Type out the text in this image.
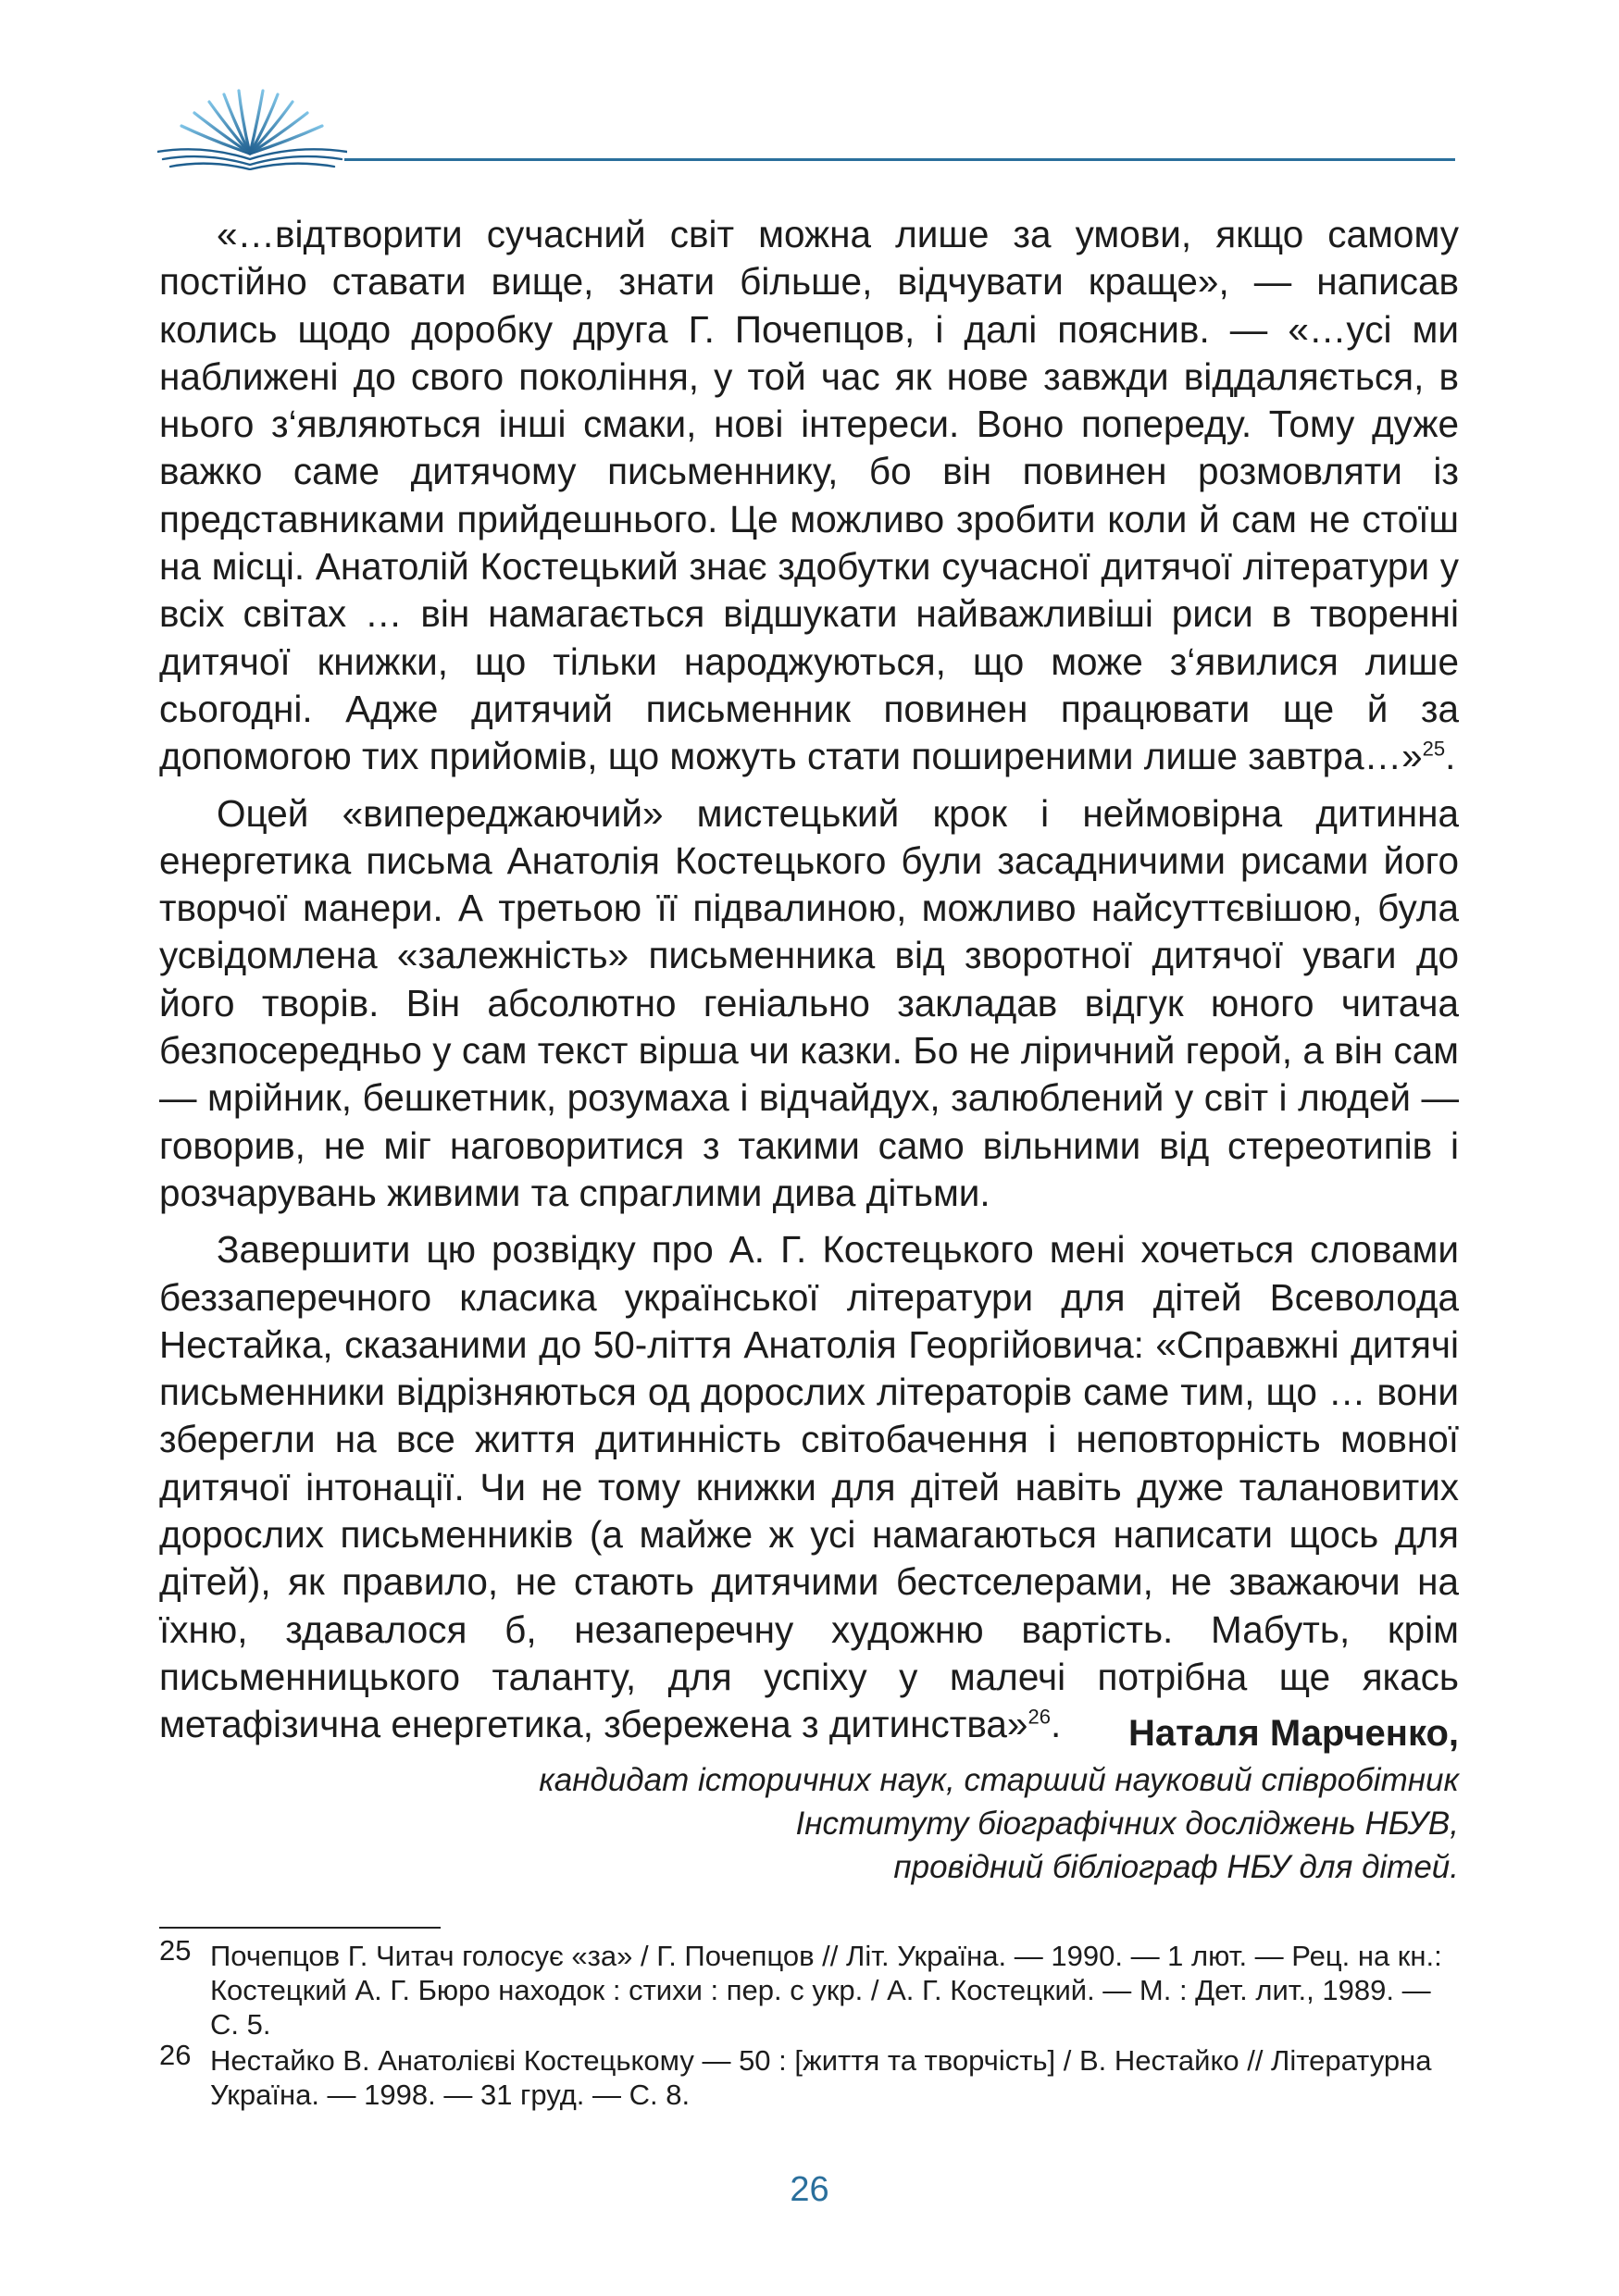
«…відтворити сучасний світ можна лише за умови, якщо самому постійно ставати вище, знати більше, відчувати краще», — написав колись щодо доробку друга Г. Почепцов, і далі пояснив. — «…усі ми наближені до свого покоління, у той час як нове завжди віддаляється, в нього з‘являються інші смаки, нові інтереси. Воно попереду. Тому дуже важко саме дитячому письменнику, бо він повинен розмовляти із представниками прийдешнього. Це можливо зробити коли й сам не стоїш на місці. Анатолій Костецький знає здобутки сучасної дитячої літератури у всіх світах … він намагається відшукати найважливіші риси в творенні дитячої книжки, що тільки народжуються, що може з‘явилися лише сьогодні. Адже дитячий письменник повинен працювати ще й за допомогою тих прийомів, що можуть стати поширеними лише завтра…»$^{25}$.

Оцей «випереджаючий» мистецький крок і неймовірна дитинна енергетика письма Анатолія Костецького були засадничими рисами його творчої манери. А третьою її підвалиною, можливо найсуттєвішою, була усвідомлена «залежність» письменника від зворотної дитячої уваги до його творів. Він абсолютно геніально закладав відгук юного читача безпосередньо у сам текст вірша чи казки. Бо не ліричний герой, а він сам — мрійник, бешкетник, розумаха і відчайдух, залюблений у світ і людей — говорив, не міг наговоритися з такими само вільними від стереотипів і розчарувань живими та спраглими дива дітьми.

Завершити цю розвідку про А. Г. Костецького мені хочеться словами беззаперечного класика української літератури для дітей Всеволода Нестайка, сказаними до 50-ліття Анатолія Георгійовича: «Справжні дитячі письменники відрізняються од дорослих літераторів саме тим, що … вони зберегли на все життя дитинність світобачення і неповторність мовної дитячої інтонації. Чи не тому книжки для дітей навіть дуже талановитих дорослих письменників (а майже ж усі намагаються написати щось для дітей), як правило, не стають дитячими бестселерами, не зважаючи на їхню, здавалося б, незаперечну художню вартість. Мабуть, крім письменницького таланту, для успіху у малечі потрібна ще якась метафізична енергетика, збережена з дитинства»$^{26}$.	Наталя Марченко,
кандидат історичних наук, старший науковий співробітник
Інституту біографічних досліджень НБУВ,
провідний бібліограф НБУ для дітей.
25 Почепцов Г. Читач голосує «за» / Г. Почепцов // Літ. Україна. — 1990. — 1 лют. — Рец. на кн.: Костецкий А. Г. Бюро находок : стихи : пер. с укр. / А. Г. Костецкий. — М. : Дет. лит., 1989. — С. 5.
26 Нестайко В. Анатолієві Костецькому — 50 : [життя та творчість] / В. Нестайко // Літературна Україна. — 1998. — 31 груд. — С. 8.
26
